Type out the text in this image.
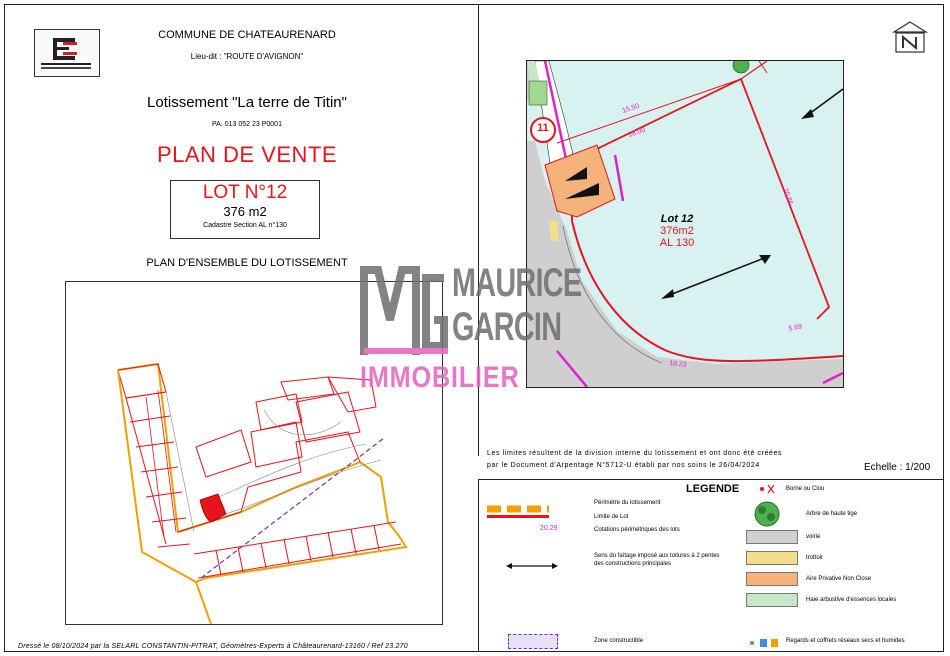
COMMUNE DE CHATEAURENARD
Lieu-dit : "ROUTE D'AVIGNON"
Lotissement "La terre de Titin"
PA. 013 052 23 P0001
PLAN DE VENTE
LOT N°12
376 m2
Cadastre Section AL n°130
PLAN D'ENSEMBLE DU LOTISSEMENT
15.50
18.00
20.86
5.69
18.23
11
Lot 12
376m2
AL 130
MAURICE
GARCIN
IMMOBILIER
Les limites résultent de la division interne du lotissement et ont donc été créées
par le Document d'Arpentage N°5712-U établi par nos soins le 26/04/2024	Echelle : 1/200
LEGENDE
Périmètre du lotissement
Limite de Lot
20.29	Cotations périmétriques des lots
Sens du faîtage imposé aux toitures à 2 pentes
des constructions principales
Zone constructible
Borne ou Clou
Arbre de haute tige
voirie
trottoir
Aire Privative Non Close
Haie arbustive d'essences locales
Regards et coffrets réseaux secs et humides
Dressé le 08/10/2024 par la SELARL CONSTANTIN-PITRAT, Géomètres-Experts à Châteaurenard-13160 / Ref 23.270
